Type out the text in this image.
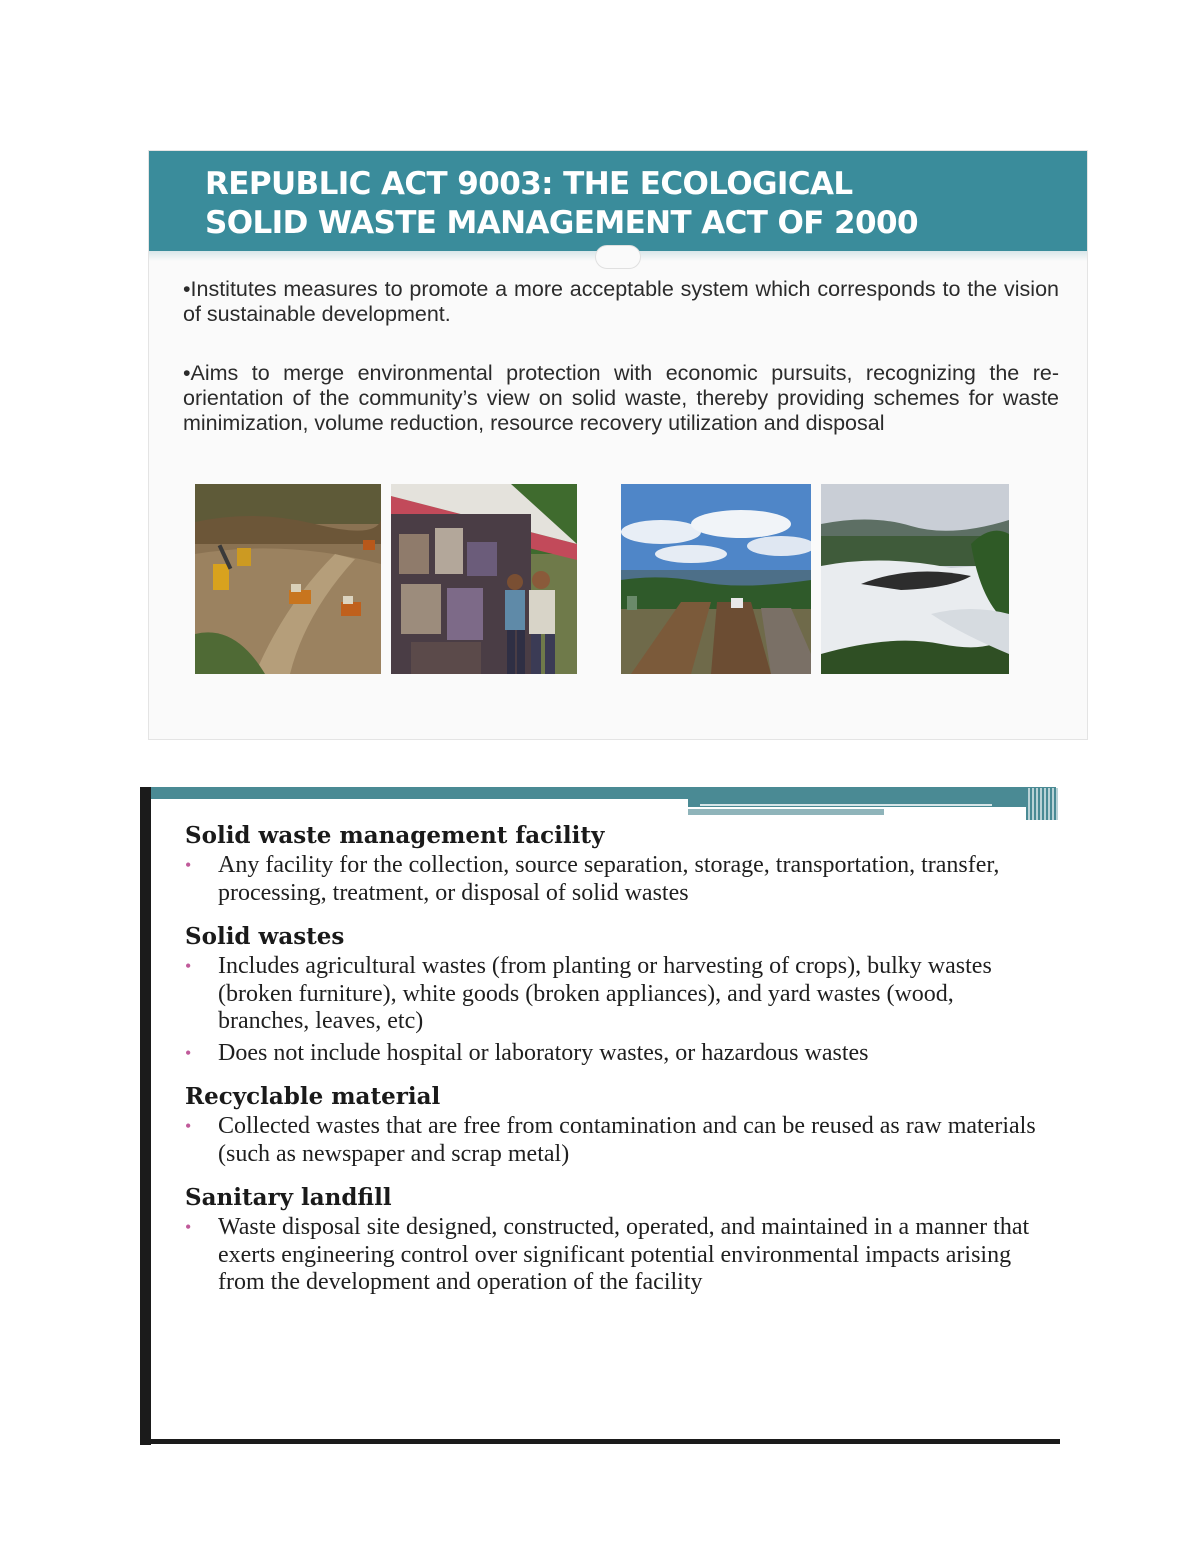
REPUBLIC ACT 9003: THE ECOLOGICAL
SOLID WASTE MANAGEMENT ACT OF 2000

•Institutes measures to promote a more acceptable system which corresponds to the vision of sustainable development.

•Aims to merge environmental protection with economic pursuits, recognizing the re-orientation of the community’s view on solid waste, thereby providing schemes for waste minimization, volume reduction, resource recovery utilization and disposal

Solid waste management facility

• Any facility for the collection, source separation, storage, transportation, transfer, processing, treatment, or disposal of solid wastes

Solid wastes

• Includes agricultural wastes (from planting or harvesting of crops), bulky wastes (broken furniture), white goods (broken appliances), and yard wastes (wood, branches, leaves, etc)

• Does not include hospital or laboratory wastes, or hazardous wastes

Recyclable material

• Collected wastes that are free from contamination and can be reused as raw materials (such as newspaper and scrap metal)

Sanitary landfill

• Waste disposal site designed, constructed, operated, and maintained in a manner that exerts engineering control over significant potential environmental impacts arising from the development and operation of the facility
